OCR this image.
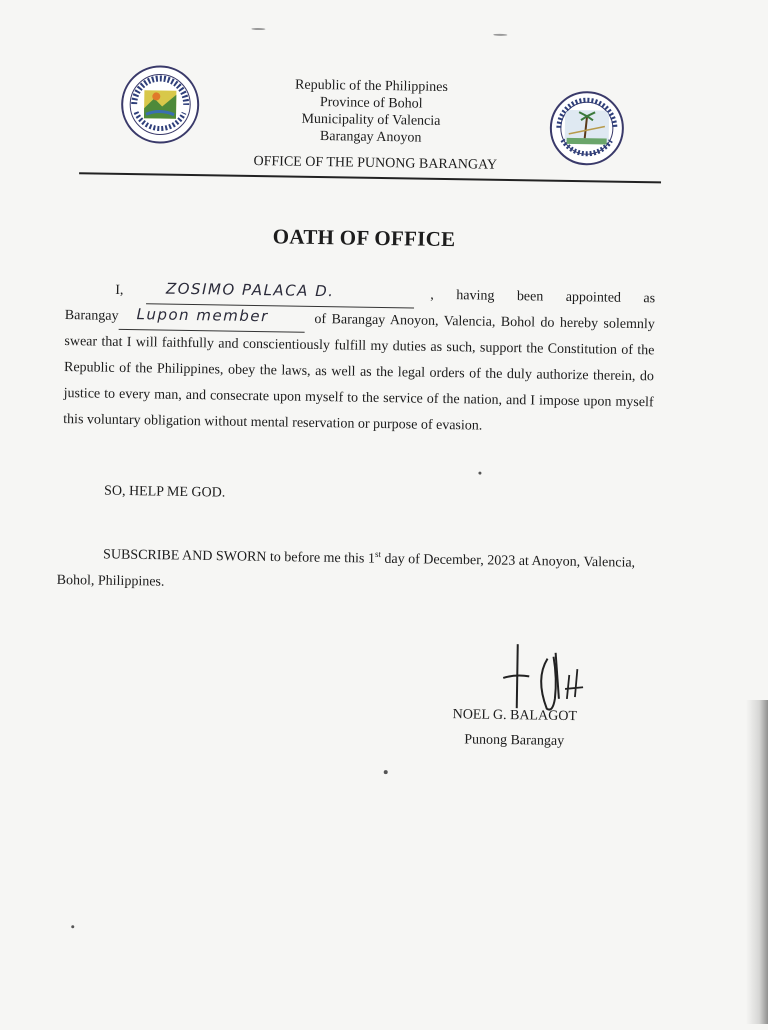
Republic of the Philippines
Province of Bohol
Municipality of Valencia
Barangay Anoyon
OFFICE OF THE PUNONG BARANGAY
OATH OF OFFICE
I,	ZOSIMO PALACA D.	, having been appointed as
Barangay Lupon member	of Barangay Anoyon, Valencia, Bohol do hereby solemnly swear that I will faithfully and conscientiously fulfill my duties as such, support the Constitution of the Republic of the Philippines, obey the laws, as well as the legal orders of the duly authorize therein, do justice to every man, and consecrate upon myself to the service of the nation, and I impose upon myself this voluntary obligation without mental reservation or purpose of evasion.
SO, HELP ME GOD.
SUBSCRIBE AND SWORN to before me this 1st day of December, 2023 at Anoyon, Valencia, Bohol, Philippines.
NOEL G. BALAGOT
Punong Barangay
